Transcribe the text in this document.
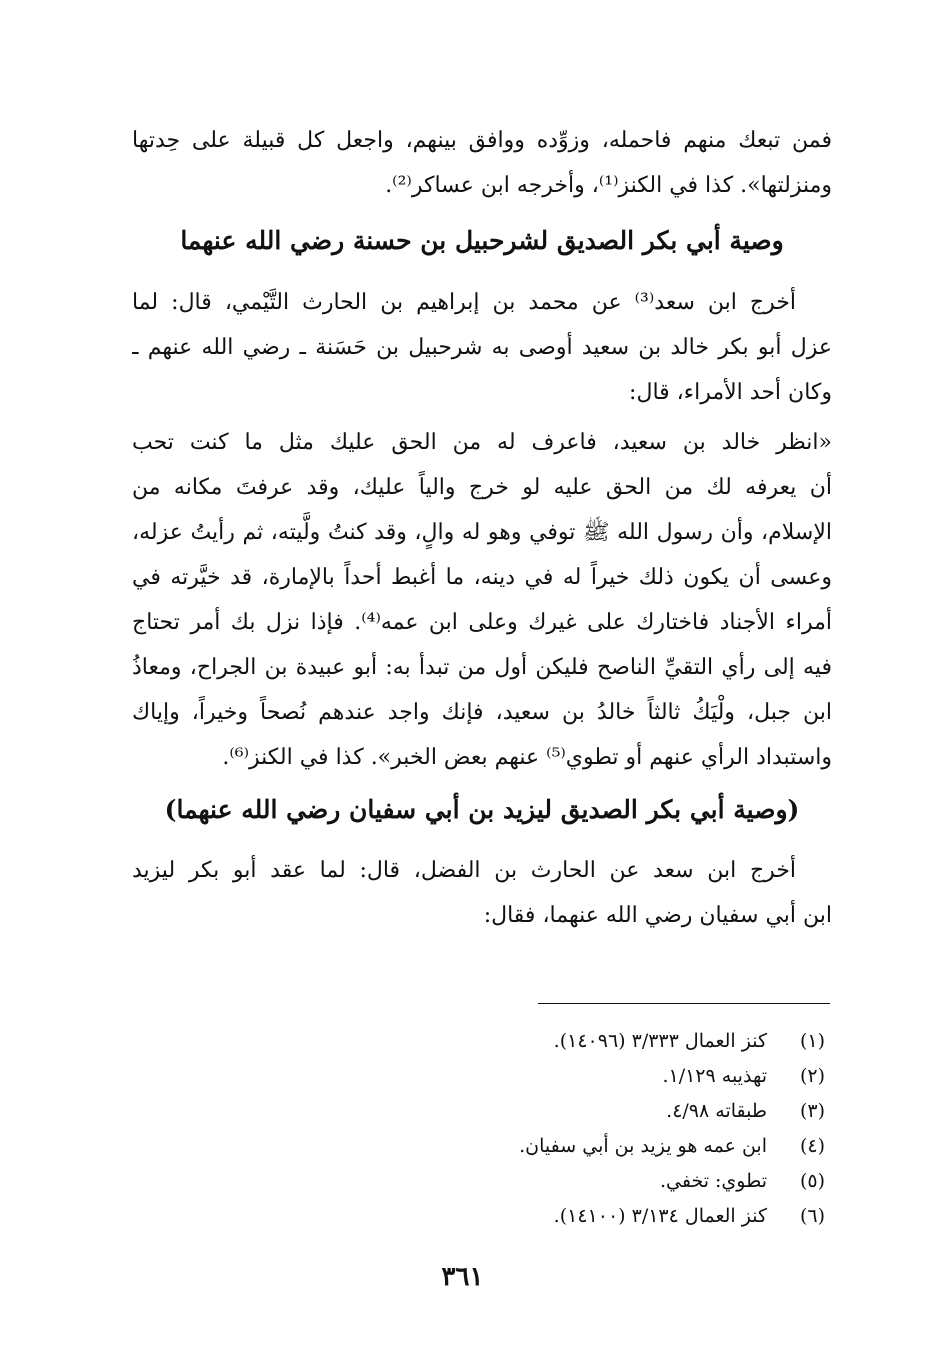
فمن تبعك منهم فاحمله، وزوِّده ووافق بينهم، واجعل كل قبيلة على حِدتها
ومنزلتها». كذا في الكنز⁽¹⁾، وأخرجه ابن عساكر⁽²⁾.
وصية أبي بكر الصديق لشرحبيل بن حسنة رضي الله عنهما
أخرج ابن سعد⁽³⁾ عن محمد بن إبراهيم بن الحارث التَّيْمي، قال: لما
عزل أبو بكر خالد بن سعيد أوصى به شرحبيل بن حَسَنة ـ رضي الله عنهم ـ
وكان أحد الأمراء، قال:
«انظر خالد بن سعيد، فاعرف له من الحق عليك مثل ما كنت تحب
أن يعرفه لك من الحق عليه لو خرج والياً عليك، وقد عرفتَ مكانه من
الإسلام، وأن رسول الله ﷺ توفي وهو له والٍ، وقد كنتُ ولَّيته، ثم رأيتُ عزله،
وعسى أن يكون ذلك خيراً له في دينه، ما أغبط أحداً بالإمارة، قد خيَّرته في
أمراء الأجناد فاختارك على غيرك وعلى ابن عمه⁽⁴⁾. فإذا نزل بك أمر تحتاج
فيه إلى رأي التقيِّ الناصح فليكن أول من تبدأ به: أبو عبيدة بن الجراح، ومعاذُ
ابن جبل، ولْيَكُ ثالثاً خالدُ بن سعيد، فإنك واجد عندهم نُصحاً وخيراً، وإياك
واستبداد الرأي عنهم أو تطوي⁽⁵⁾ عنهم بعض الخبر». كذا في الكنز⁽⁶⁾.
(وصية أبي بكر الصديق ليزيد بن أبي سفيان رضي الله عنهما)
أخرج ابن سعد عن الحارث بن الفضل، قال: لما عقد أبو بكر ليزيد
ابن أبي سفيان رضي الله عنهما، فقال:
(١)
كنز العمال ٣/٣٣٣ (١٤٠٩٦).
(٢)
تهذيبه ١/١٢٩.
(٣)
طبقاته ٤/٩٨.
(٤)
ابن عمه هو يزيد بن أبي سفيان.
(٥)
تطوي: تخفي.
(٦)
كنز العمال ٣/١٣٤ (١٤١٠٠).
٣٦١
